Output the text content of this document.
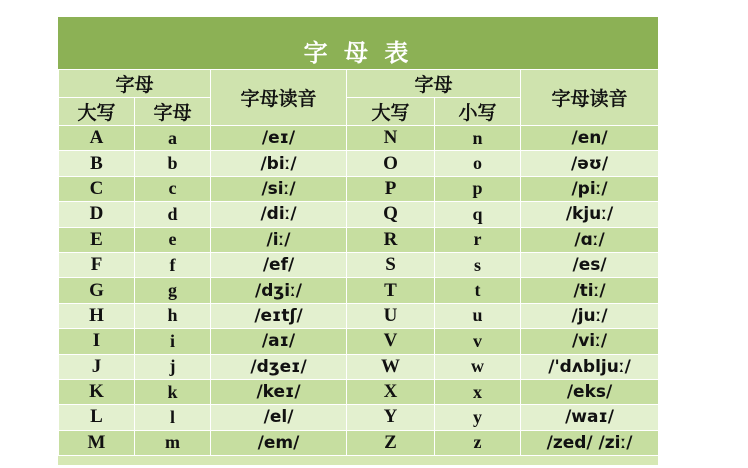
字 母 表
字母		字母读音	字母		字母读音
大写	字母		大写	小写	
A	a	/eɪ/	N	n	/en/
B	b	/biː/	O	o	/əʊ/
C	c	/siː/	P	p	/piː/
D	d	/diː/	Q	q	/kjuː/
E	e	/iː/	R	r	/ɑː/
F	f	/ef/	S	s	/es/
G	g	/dʒiː/	T	t	/tiː/
H	h	/eɪtʃ/	U	u	/juː/
I	i	/aɪ/	V	v	/viː/
J	j	/dʒeɪ/	W	w	/'dʌbljuː/
K	k	/keɪ/	X	x	/eks/
L	l	/el/	Y	y	/waɪ/
M	m	/em/	Z	z	/zed/ /ziː/
